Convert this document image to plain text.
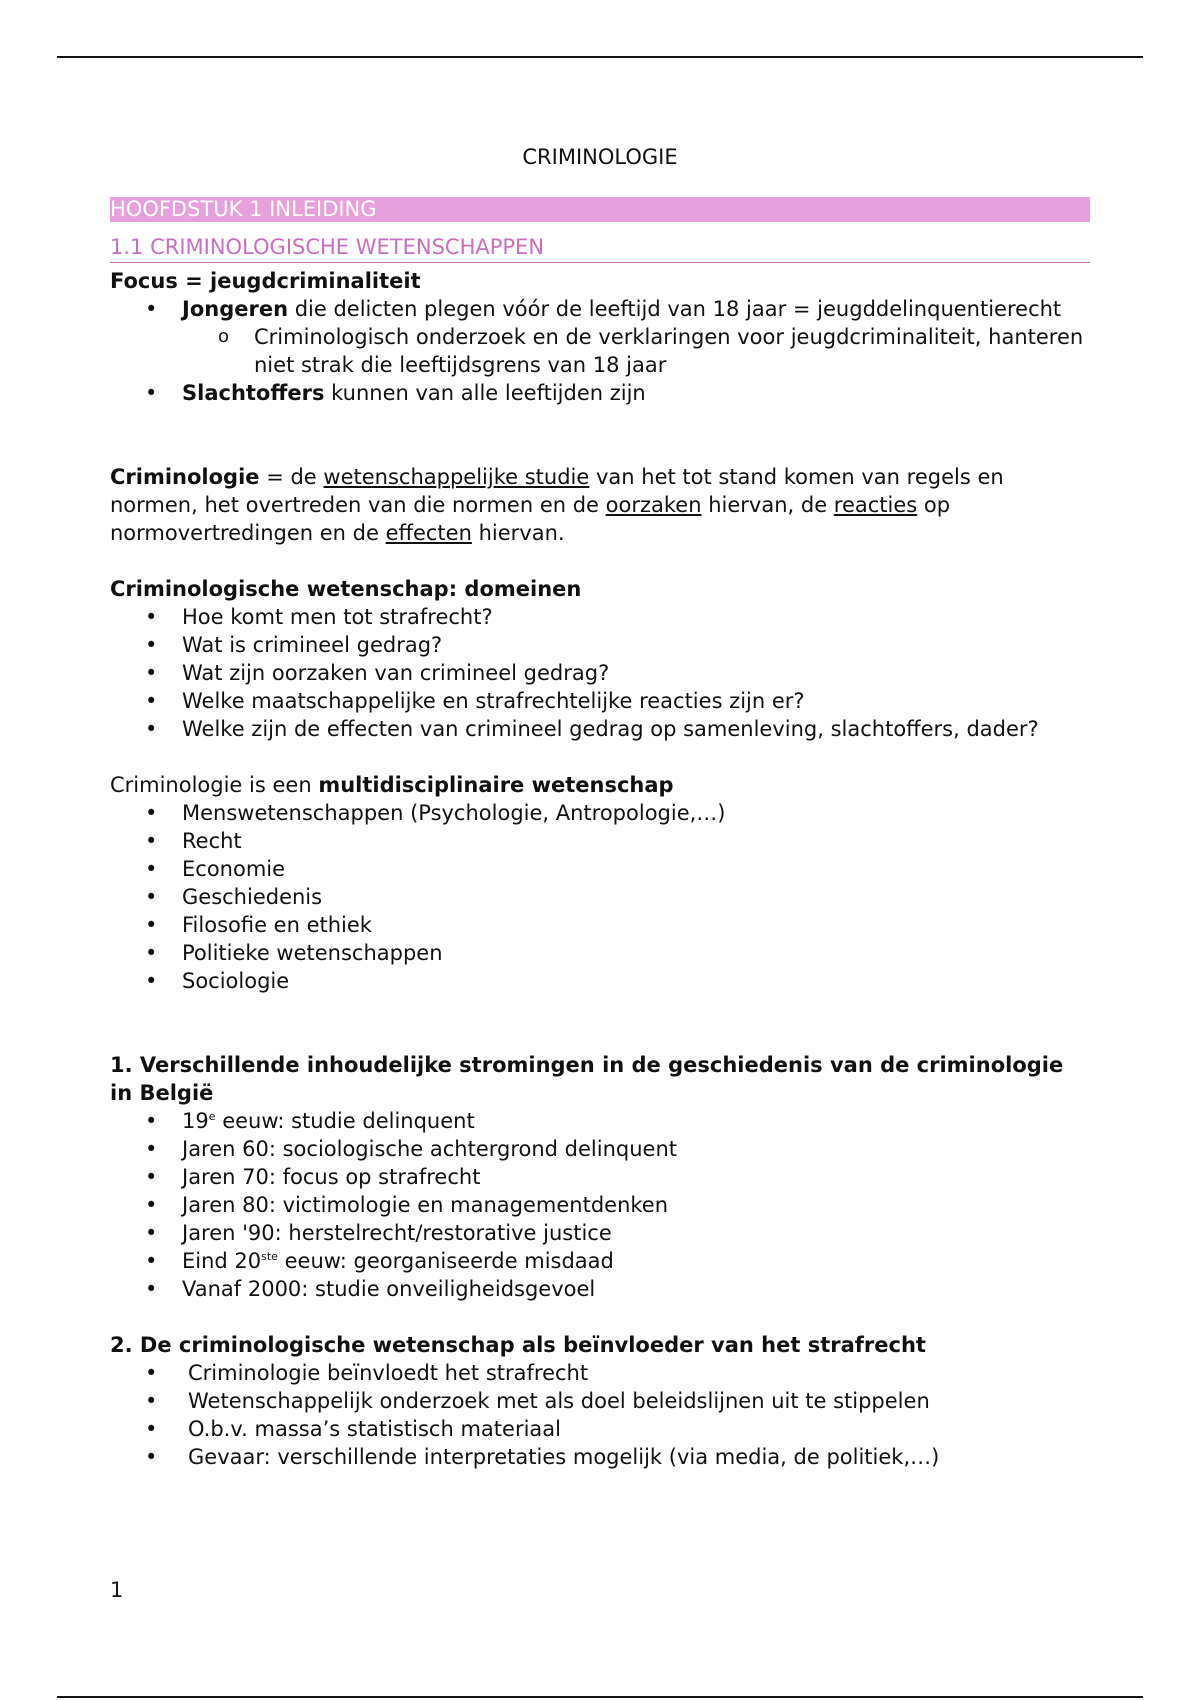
CRIMINOLOGIE

HOOFDSTUK 1 INLEIDING
1.1 CRIMINOLOGISCHE WETENSCHAPPEN

Focus = jeugdcriminaliteit

• Jongeren die delicten plegen vóór de leeftijd van 18 jaar = jeugddelinquentierecht
o Criminologisch onderzoek en de verklaringen voor jeugdcriminaliteit, hanteren niet strak die leeftijdsgrens van 18 jaar
• Slachtoffers kunnen van alle leeftijden zijn

Criminologie = de wetenschappelijke studie van het tot stand komen van regels en normen, het overtreden van die normen en de oorzaken hiervan, de reacties op normovertredingen en de effecten hiervan.

Criminologische wetenschap: domeinen

• Hoe komt men tot strafrecht?
• Wat is crimineel gedrag?
• Wat zijn oorzaken van crimineel gedrag?
• Welke maatschappelijke en strafrechtelijke reacties zijn er?
• Welke zijn de effecten van crimineel gedrag op samenleving, slachtoffers, dader?

Criminologie is een multidisciplinaire wetenschap

• Menswetenschappen (Psychologie, Antropologie,…)
• Recht
• Economie
• Geschiedenis
• Filosofie en ethiek
• Politieke wetenschappen
• Sociologie

1. Verschillende inhoudelijke stromingen in de geschiedenis van de criminologie in België

• 19e eeuw: studie delinquent
• Jaren 60: sociologische achtergrond delinquent
• Jaren 70: focus op strafrecht
• Jaren 80: victimologie en managementdenken
• Jaren '90: herstelrecht/restorative justice
• Eind 20ste eeuw: georganiseerde misdaad
• Vanaf 2000: studie onveiligheidsgevoel

2. De criminologische wetenschap als beïnvloeder van het strafrecht

• Criminologie beïnvloedt het strafrecht
• Wetenschappelijk onderzoek met als doel beleidslijnen uit te stippelen
• O.b.v. massa’s statistisch materiaal
• Gevaar: verschillende interpretaties mogelijk (via media, de politiek,…)
1
